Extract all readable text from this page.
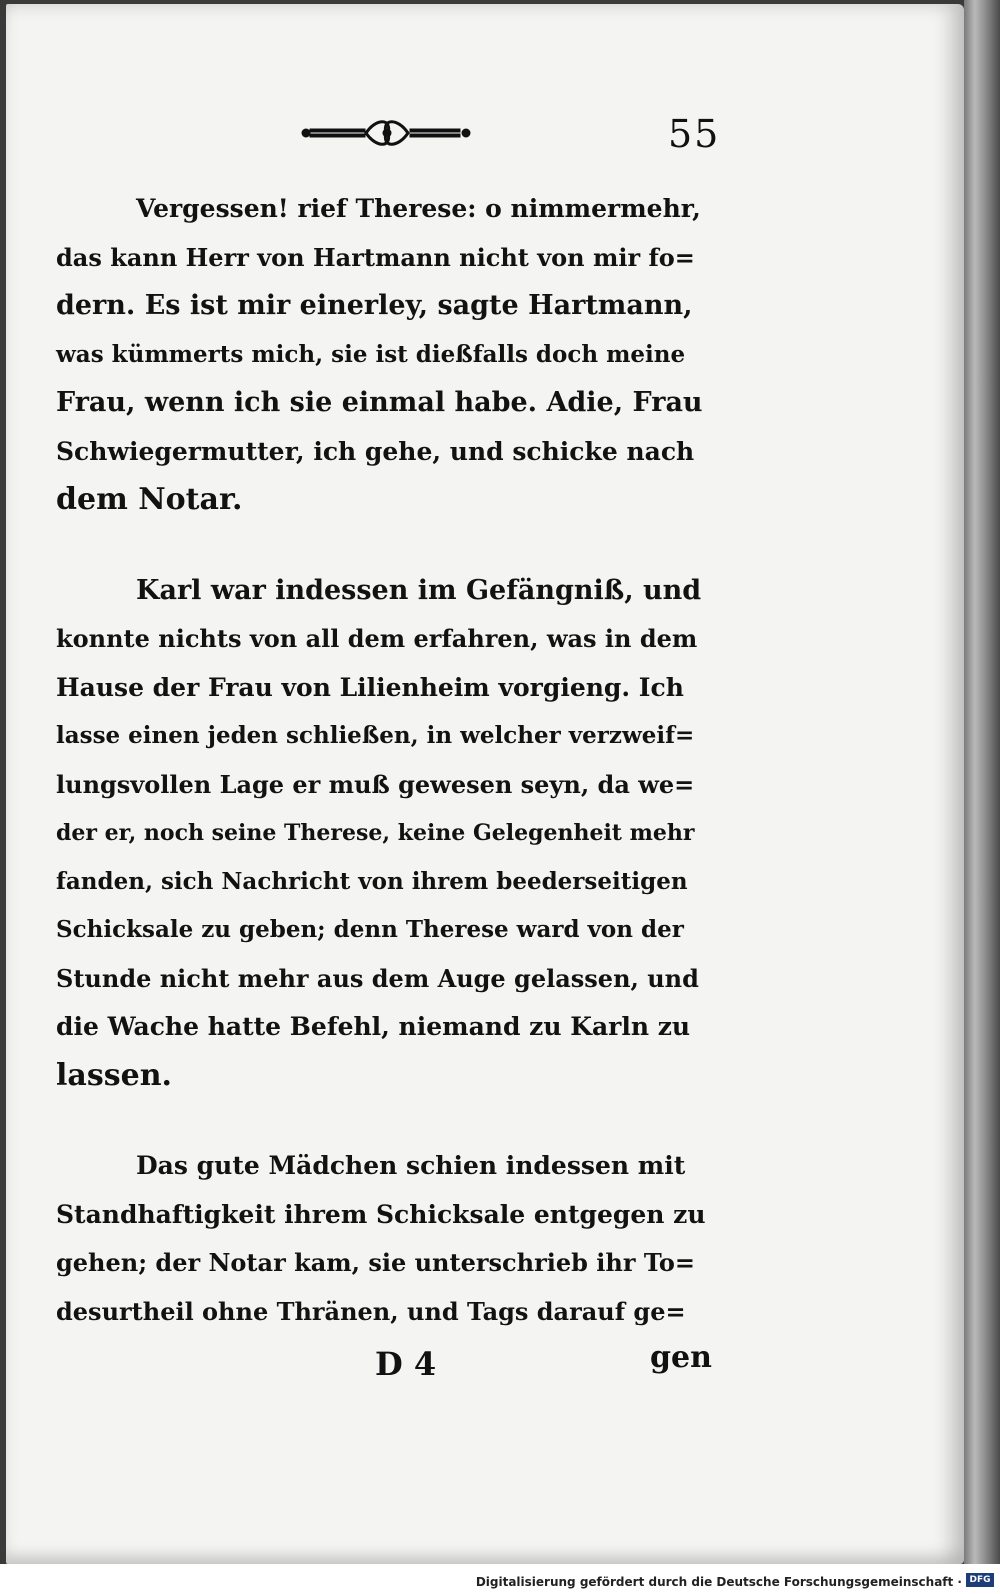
55
Vergessen! rief Therese: o nimmermehr,
das kann Herr von Hartmann nicht von mir fo=
dern. Es ist mir einerley, sagte Hartmann,
was kümmerts mich, sie ist dießfalls doch meine
Frau, wenn ich sie einmal habe. Adie, Frau
Schwiegermutter, ich gehe, und schicke nach
dem Notar.
Karl war indessen im Gefängniß, und
konnte nichts von all dem erfahren, was in dem
Hause der Frau von Lilienheim vorgieng. Ich
lasse einen jeden schließen, in welcher verzweif=
lungsvollen Lage er muß gewesen seyn, da we=
der er, noch seine Therese, keine Gelegenheit mehr
fanden, sich Nachricht von ihrem beederseitigen
Schicksale zu geben; denn Therese ward von der
Stunde nicht mehr aus dem Auge gelassen, und
die Wache hatte Befehl, niemand zu Karln zu
lassen.
Das gute Mädchen schien indessen mit
Standhaftigkeit ihrem Schicksale entgegen zu
gehen; der Notar kam, sie unterschrieb ihr To=
desurtheil ohne Thränen, und Tags darauf ge=
D 4	gen
Digitalisierung gefördert durch die Deutsche Forschungsgemeinschaft · DFG
